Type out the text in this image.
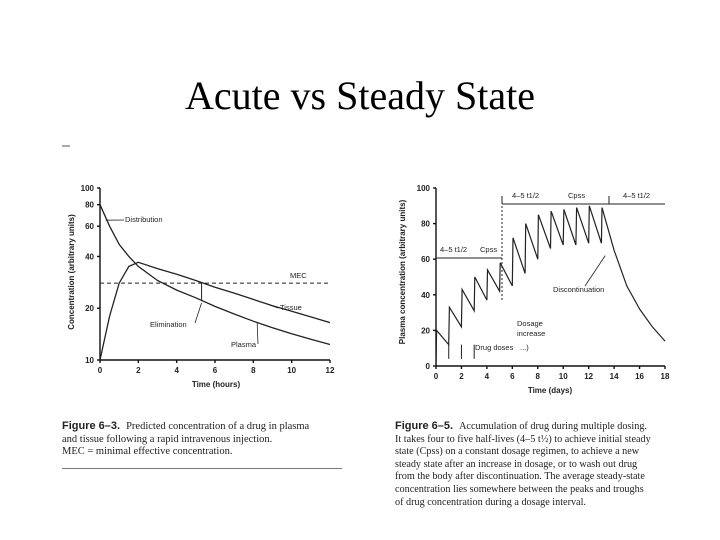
Acute vs Steady State
Concentration (arbitrary units)
Time (hours)
0	2	4	6	8	10	12
10
20
40
60
80
100
Distribution
MEC
Tissue
Elimination
Plasma
Plasma concentration (arbitrary units)
Time (days)
0	2	4	6	8 10 12 14 16 18
0
20
40
60
80
100
4–5 t1/2 Cpss
4–5 t1/2	Cpss	4–5 t1/2
Discontinuation
Dosage
increase
Drug doses ...)
Figure 6–3. Predicted concentration of a drug in plasma
and tissue following a rapid intravenous injection.
MEC = minimal effective concentration.
Figure 6–5. Accumulation of drug during multiple dosing.
It takes four to five half-lives (4–5 t½) to achieve initial steady
state (Cpss) on a constant dosage regimen, to achieve a new
steady state after an increase in dosage, or to wash out drug
from the body after discontinuation. The average steady-state
concentration lies somewhere between the peaks and troughs
of drug concentration during a dosage interval.
